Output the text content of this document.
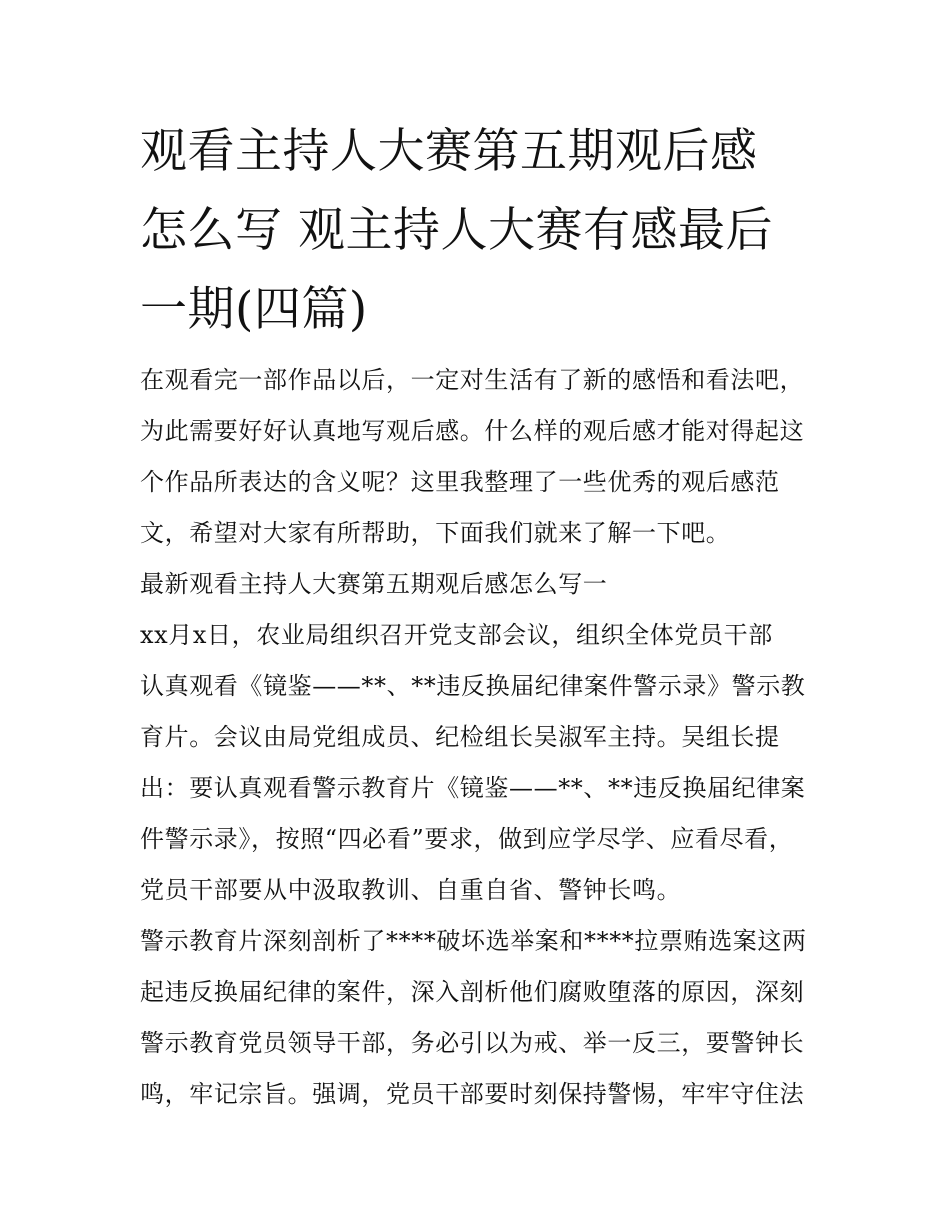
观看主持人大赛第五期观后感
怎么写 观主持人大赛有感最后
一期(四篇)
在观看完一部作品以后，一定对生活有了新的感悟和看法吧，
为此需要好好认真地写观后感。什么样的观后感才能对得起这
个作品所表达的含义呢？这里我整理了一些优秀的观后感范
文，希望对大家有所帮助，下面我们就来了解一下吧。
最新观看主持人大赛第五期观后感怎么写一
xx月x日，农业局组织召开党支部会议，组织全体党员干部
认真观看《镜鉴——**、**违反换届纪律案件警示录》警示教
育片。会议由局党组成员、纪检组长吴淑军主持。吴组长提
出：要认真观看警示教育片《镜鉴——**、**违反换届纪律案
件警示录》，按照“四必看”要求，做到应学尽学、应看尽看，
党员干部要从中汲取教训、自重自省、警钟长鸣。
警示教育片深刻剖析了****破坏选举案和****拉票贿选案这两
起违反换届纪律的案件，深入剖析他们腐败堕落的原因，深刻
警示教育党员领导干部，务必引以为戒、举一反三，要警钟长
鸣，牢记宗旨。强调，党员干部要时刻保持警惕，牢牢守住法
